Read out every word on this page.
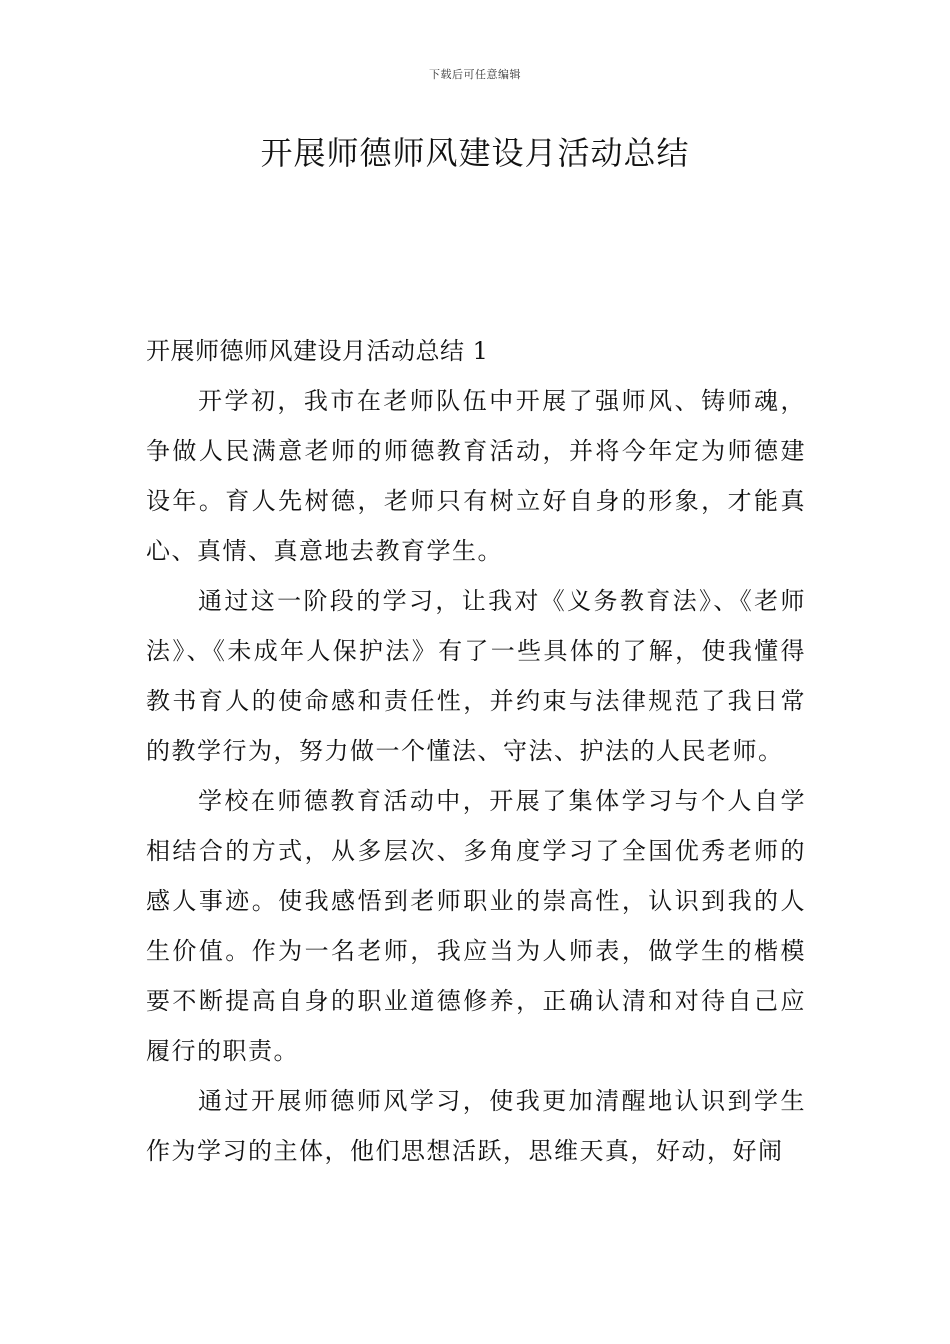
下载后可任意编辑
开展师德师风建设月活动总结
开展师德师风建设月活动总结 1

开学初，我市在老师队伍中开展了强师风、铸师魂，争做人民满意老师的师德教育活动，并将今年定为师德建设年。育人先树德，老师只有树立好自身的形象，才能真心、真情、真意地去教育学生。

通过这一阶段的学习，让我对《义务教育法》、《老师法》、《未成年人保护法》有了一些具体的了解，使我懂得教书育人的使命感和责任性，并约束与法律规范了我日常的教学行为，努力做一个懂法、守法、护法的人民老师。

学校在师德教育活动中，开展了集体学习与个人自学相结合的方式，从多层次、多角度学习了全国优秀老师的感人事迹。使我感悟到老师职业的崇高性，认识到我的人生价值。作为一名老师，我应当为人师表，做学生的楷模要不断提高自身的职业道德修养，正确认清和对待自己应履行的职责。

通过开展师德师风学习，使我更加清醒地认识到学生作为学习的主体，他们思想活跃，思维天真，好动，好闹
